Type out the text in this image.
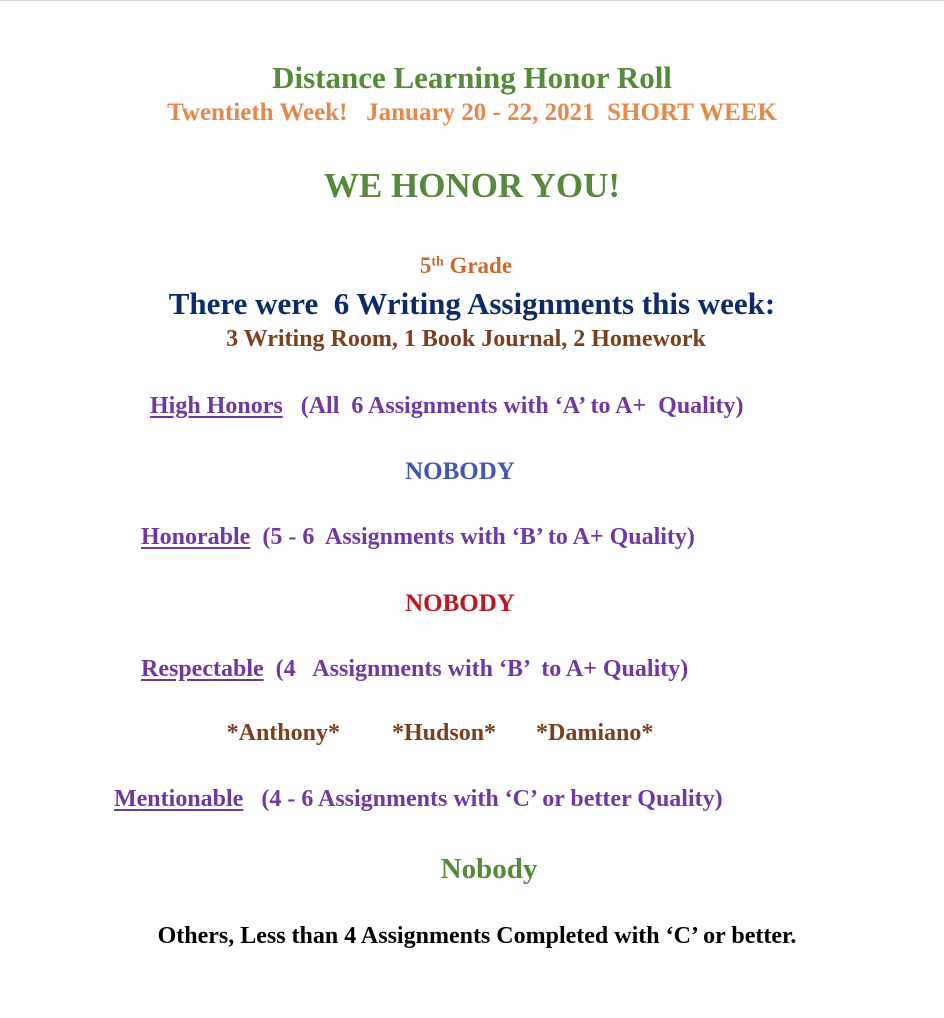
Distance Learning Honor Roll
Twentieth Week!   January 20 - 22, 2021  SHORT WEEK
WE HONOR YOU!
5th Grade
There were  6 Writing Assignments this week:
3 Writing Room, 1 Book Journal, 2 Homework
High Honors   (All  6 Assignments with ‘A’ to A+  Quality)
NOBODY
Honorable  (5 - 6  Assignments with ‘B’ to A+ Quality)
NOBODY
Respectable  (4   Assignments with ‘B’  to A+ Quality)
*Anthony* *Hudson* *Damiano*
Mentionable   (4 - 6 Assignments with ‘C’ or better Quality)
Nobody
Others, Less than 4 Assignments Completed with ‘C’ or better.
